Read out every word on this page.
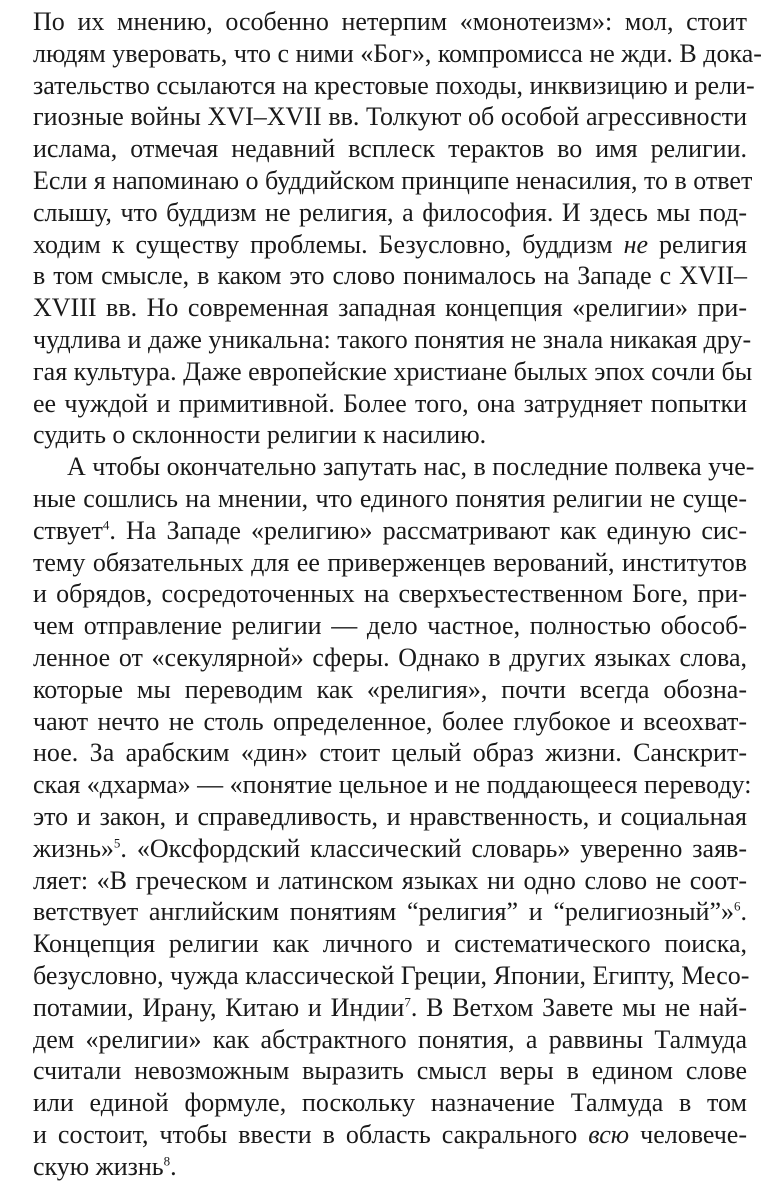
По их мнению, особенно нетерпим «монотеизм»: мол, стоит
людям уверовать, что с ними «Бог», компромисса не жди. В дока-
зательство ссылаются на крестовые походы, инквизицию и рели-
гиозные войны XVI–XVII вв. Толкуют об особой агрессивности
ислама, отмечая недавний всплеск терактов во имя религии.
Если я напоминаю о буддийском принципе ненасилия, то в ответ
слышу, что буддизм не религия, а философия. И здесь мы под-
ходим к существу проблемы. Безусловно, буддизм не религия
в том смысле, в каком это слово понималось на Западе с XVII–
XVIII вв. Но современная западная концепция «религии» при-
чудлива и даже уникальна: такого понятия не знала никакая дру-
гая культура. Даже европейские христиане былых эпох сочли бы
ее чуждой и примитивной. Более того, она затрудняет попытки
судить о склонности религии к насилию.
А чтобы окончательно запутать нас, в последние полвека уче-
ные сошлись на мнении, что единого понятия религии не суще-
ствует$^4$. На Западе «религию» рассматривают как единую сис-
тему обязательных для ее приверженцев верований, институтов
и обрядов, сосредоточенных на сверхъестественном Боге, при-
чем отправление религии — дело частное, полностью обособ-
ленное от «секулярной» сферы. Однако в других языках слова,
которые мы переводим как «религия», почти всегда обозна-
чают нечто не столь определенное, более глубокое и всеохват-
ное. За арабским «дин» стоит целый образ жизни. Санскрит-
ская «дхарма» — «понятие цельное и не поддающееся переводу:
это и закон, и справедливость, и нравственность, и социальная
жизнь»$^5$. «Оксфордский классический словарь» уверенно заяв-
ляет: «В греческом и латинском языках ни одно слово не соот-
ветствует английским понятиям “религия” и “религиозный”»$^6$.
Концепция религии как личного и систематического поиска,
безусловно, чужда классической Греции, Японии, Египту, Месо-
потамии, Ирану, Китаю и Индии$^7$. В Ветхом Завете мы не най-
дем «религии» как абстрактного понятия, а раввины Талмуда
считали невозможным выразить смысл веры в едином слове
или единой формуле, поскольку назначение Талмуда в том
и состоит, чтобы ввести в область сакрального всю человече-
скую жизнь$^8$.
